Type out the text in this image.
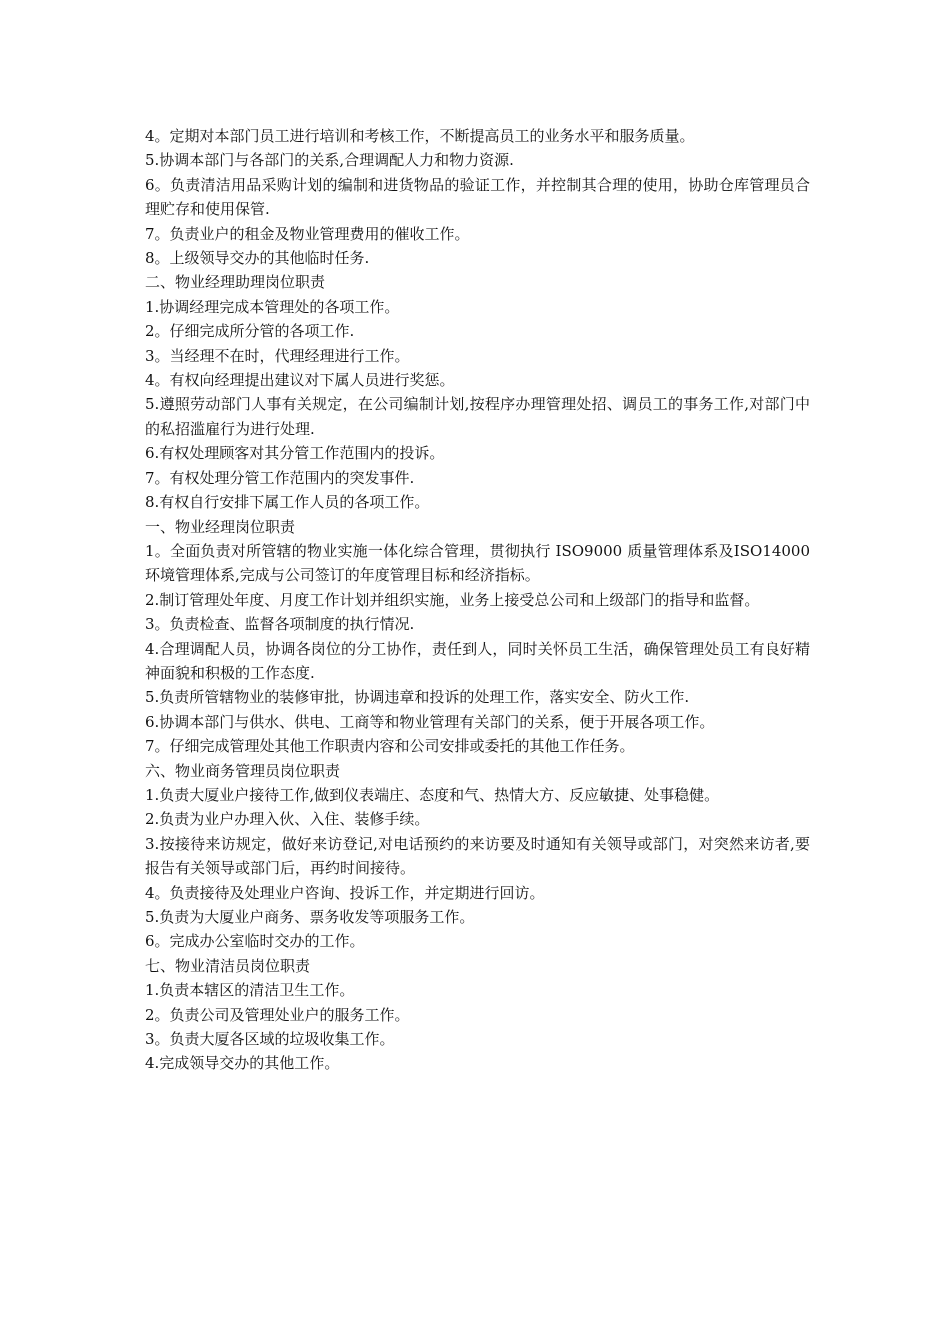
4。定期对本部门员工进行培训和考核工作，不断提高员工的业务水平和服务质量。

5.协调本部门与各部门的关系,合理调配人力和物力资源.

6。负责清洁用品采购计划的编制和进货物品的验证工作，并控制其合理的使用，协助仓库管理员合理贮存和使用保管.

7。负责业户的租金及物业管理费用的催收工作。

8。上级领导交办的其他临时任务.

二、物业经理助理岗位职责

1.协调经理完成本管理处的各项工作。

2。仔细完成所分管的各项工作.

3。当经理不在时，代理经理进行工作。

4。有权向经理提出建议对下属人员进行奖惩。

5.遵照劳动部门人事有关规定，在公司编制计划,按程序办理管理处招、调员工的事务工作,对部门中的私招滥雇行为进行处理.

6.有权处理顾客对其分管工作范围内的投诉。

7。有权处理分管工作范围内的突发事件.

8.有权自行安排下属工作人员的各项工作。

一、物业经理岗位职责

1。全面负责对所管辖的物业实施一体化综合管理，贯彻执行 ISO9000 质量管理体系及ISO14000 环境管理体系,完成与公司签订的年度管理目标和经济指标。

2.制订管理处年度、月度工作计划并组织实施，业务上接受总公司和上级部门的指导和监督。

3。负责检查、监督各项制度的执行情况.

4.合理调配人员，协调各岗位的分工协作，责任到人，同时关怀员工生活，确保管理处员工有良好精神面貌和积极的工作态度.

5.负责所管辖物业的装修审批，协调违章和投诉的处理工作，落实安全、防火工作.

6.协调本部门与供水、供电、工商等和物业管理有关部门的关系，便于开展各项工作。

7。仔细完成管理处其他工作职责内容和公司安排或委托的其他工作任务。

六、物业商务管理员岗位职责

1.负责大厦业户接待工作,做到仪表端庄、态度和气、热情大方、反应敏捷、处事稳健。

2.负责为业户办理入伙、入住、装修手续。

3.按接待来访规定，做好来访登记,对电话预约的来访要及时通知有关领导或部门，对突然来访者,要报告有关领导或部门后，再约时间接待。

4。负责接待及处理业户咨询、投诉工作，并定期进行回访。

5.负责为大厦业户商务、票务收发等项服务工作。

6。完成办公室临时交办的工作。

七、物业清洁员岗位职责

1.负责本辖区的清洁卫生工作。

2。负责公司及管理处业户的服务工作。

3。负责大厦各区域的垃圾收集工作。

4.完成领导交办的其他工作。
